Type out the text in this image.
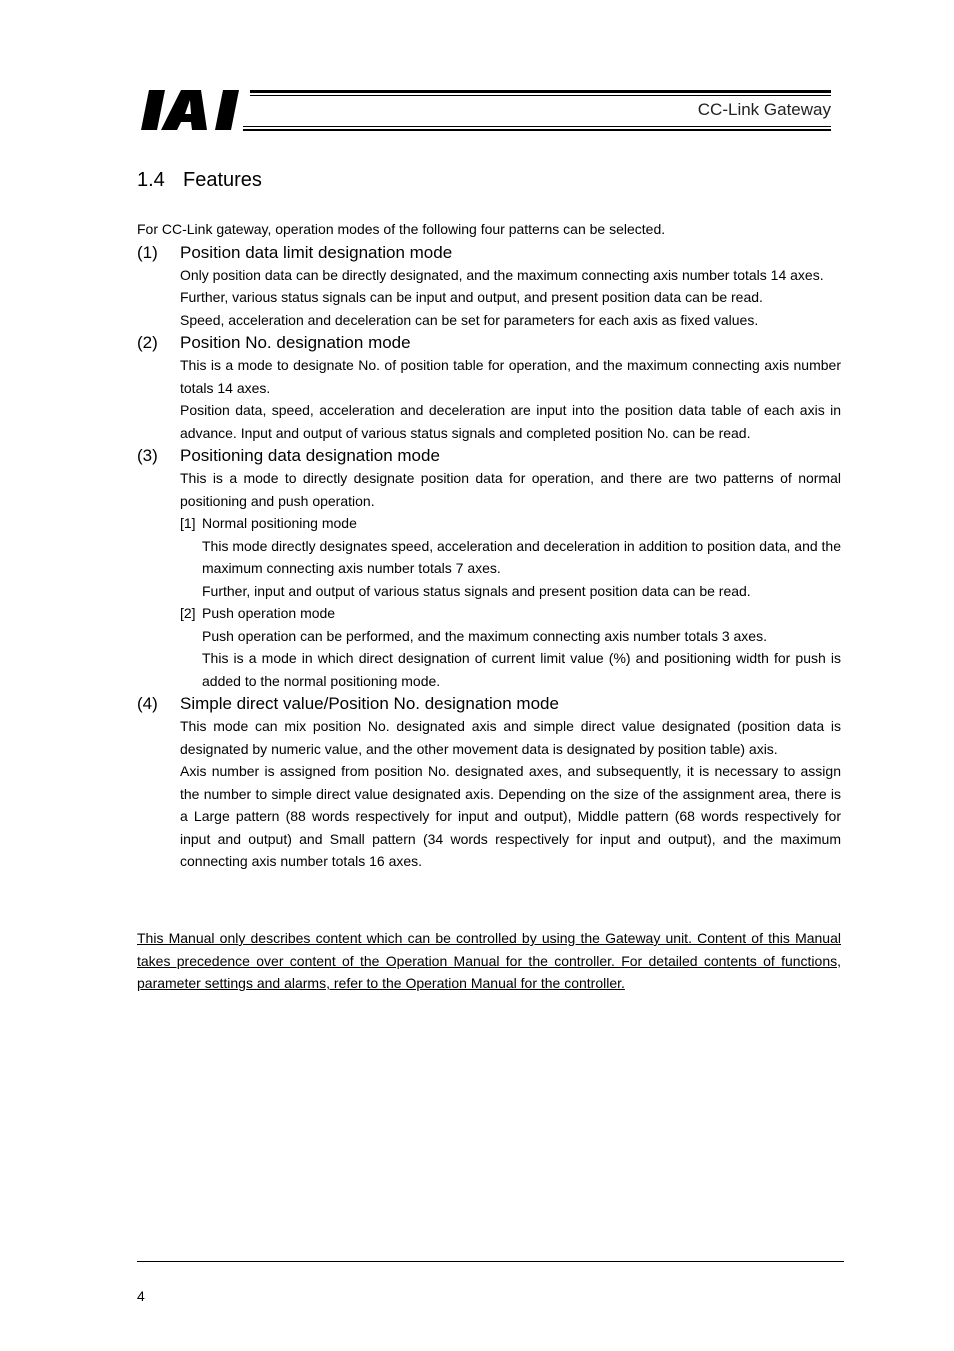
CC-Link Gateway
1.4 Features

For CC-Link gateway, operation modes of the following four patterns can be selected.

(1)	Position data limit designation mode

Only position data can be directly designated, and the maximum connecting axis number totals 14 axes.

Further, various status signals can be input and output, and present position data can be read.

Speed, acceleration and deceleration can be set for parameters for each axis as fixed values.

(2)	Position No. designation mode

This is a mode to designate No. of position table for operation, and the maximum connecting axis number totals 14 axes.

Position data, speed, acceleration and deceleration are input into the position data table of each axis in advance. Input and output of various status signals and completed position No. can be read.

(3)	Positioning data designation mode

This is a mode to directly designate position data for operation, and there are two patterns of normal positioning and push operation.

[1] Normal positioning mode

This mode directly designates speed, acceleration and deceleration in addition to position data, and the maximum connecting axis number totals 7 axes.

Further, input and output of various status signals and present position data can be read.

[2] Push operation mode

Push operation can be performed, and the maximum connecting axis number totals 3 axes.

This is a mode in which direct designation of current limit value (%) and positioning width for push is added to the normal positioning mode.

(4)	Simple direct value/Position No. designation mode

This mode can mix position No. designated axis and simple direct value designated (position data is designated by numeric value, and the other movement data is designated by position table) axis.

Axis number is assigned from position No. designated axes, and subsequently, it is necessary to assign the number to simple direct value designated axis. Depending on the size of the assignment area, there is a Large pattern (88 words respectively for input and output), Middle pattern (68 words respectively for input and output) and Small pattern (34 words respectively for input and output), and the maximum connecting axis number totals 16 axes.

This Manual only describes content which can be controlled by using the Gateway unit. Content of this Manual takes precedence over content of the Operation Manual for the controller. For detailed contents of functions, parameter settings and alarms, refer to the Operation Manual for the controller.

4
